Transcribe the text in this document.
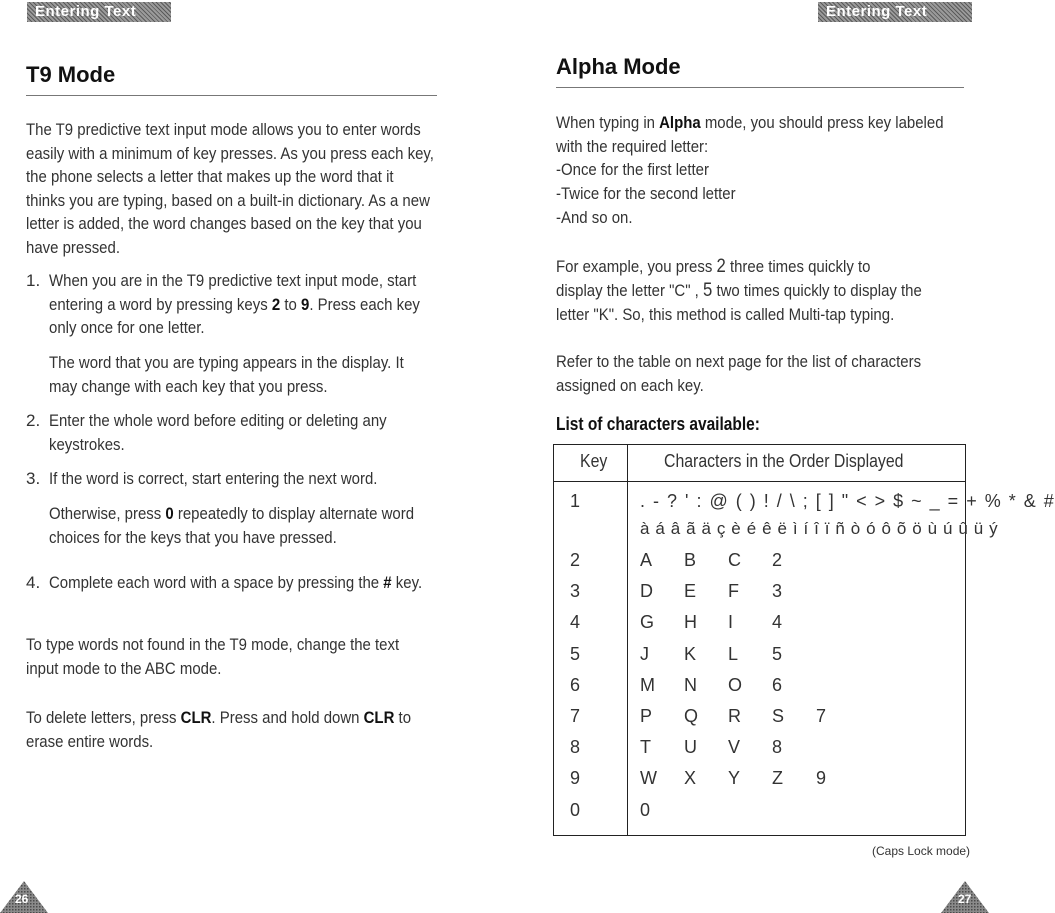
Entering Text	Entering Text
T9 Mode

The T9 predictive text input mode allows you to enter words easily with a minimum of key presses. As you press each key, the phone selects a letter that makes up the word that it thinks you are typing, based on a built-in dictionary. As a new letter is added, the word changes based on the key that you have pressed.

1. When you are in the T9 predictive text input mode, start entering a word by pressing keys 2 to 9. Press each key only once for one letter.

The word that you are typing appears in the display. It may change with each key that you press.

2. Enter the whole word before editing or deleting any keystrokes.

3. If the word is correct, start entering the next word.

Otherwise, press 0 repeatedly to display alternate word choices for the keys that you have pressed.

4. Complete each word with a space by pressing the # key.

To type words not found in the T9 mode, change the text input mode to the ABC mode.

To delete letters, press CLR. Press and hold down CLR to erase entire words.

26
Alpha Mode

When typing in Alpha mode, you should press key labeled with the required letter:

-Once for the first letter

-Twice for the second letter

-And so on.

For example, you press 2 three times quickly to

display the letter "C" , 5 two times quickly to display the

letter "K". So, this method is called Multi-tap typing.

Refer to the table on next page for the list of characters assigned on each key.

List of characters available:
Key	Characters in the Order Displayed
1	. - ? ' : @ ( ) ! / \ ; [ ] " < > $ ~ _ = + % * & #
à á â ã ä ç è é ê ë ì í î ï ñ ò ó ô õ ö ù ú û ü ý
2	A B C 2
3	D E F 3
4	G H I 4
5	J K L 5
6	M N O 6
7	P Q R S 7
8	T U V 8
9	W X Y Z 9
0	0
(Caps Lock mode)
27
